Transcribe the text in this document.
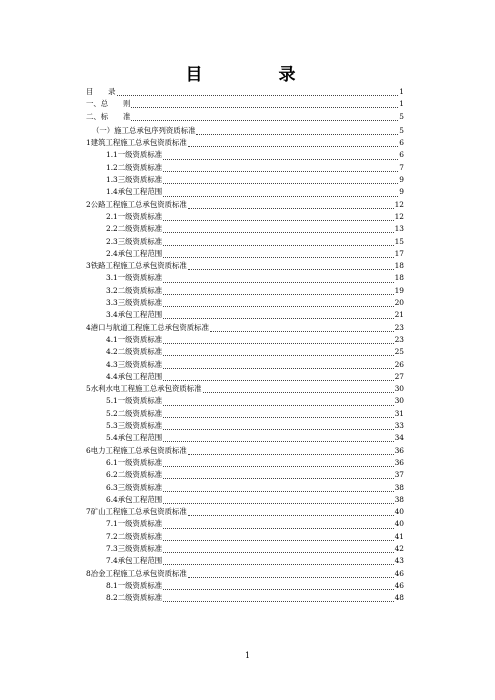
目　　录
目　　录	1
一、总　　则	1
二、标　　准	5
（一）施工总承包序列资质标准	5
1建筑工程施工总承包资质标准	6
1.1一级资质标准	6
1.2二级资质标准	7
1.3三级资质标准	9
1.4承包工程范围	9
2公路工程施工总承包资质标准	12
2.1一级资质标准	12
2.2二级资质标准	13
2.3三级资质标准	15
2.4承包工程范围	17
3铁路工程施工总承包资质标准	18
3.1一级资质标准	18
3.2二级资质标准	19
3.3三级资质标准	20
3.4承包工程范围	21
4港口与航道工程施工总承包资质标准	23
4.1一级资质标准	23
4.2二级资质标准	25
4.3三级资质标准	26
4.4承包工程范围	27
5水利水电工程施工总承包资质标准	30
5.1一级资质标准	30
5.2二级资质标准	31
5.3三级资质标准	33
5.4承包工程范围	34
6电力工程施工总承包资质标准	36
6.1一级资质标准	36
6.2二级资质标准	37
6.3三级资质标准	38
6.4承包工程范围	38
7矿山工程施工总承包资质标准	40
7.1一级资质标准	40
7.2二级资质标准	41
7.3三级资质标准	42
7.4承包工程范围	43
8冶金工程施工总承包资质标准	46
8.1一级资质标准	46
8.2二级资质标准	48
1
